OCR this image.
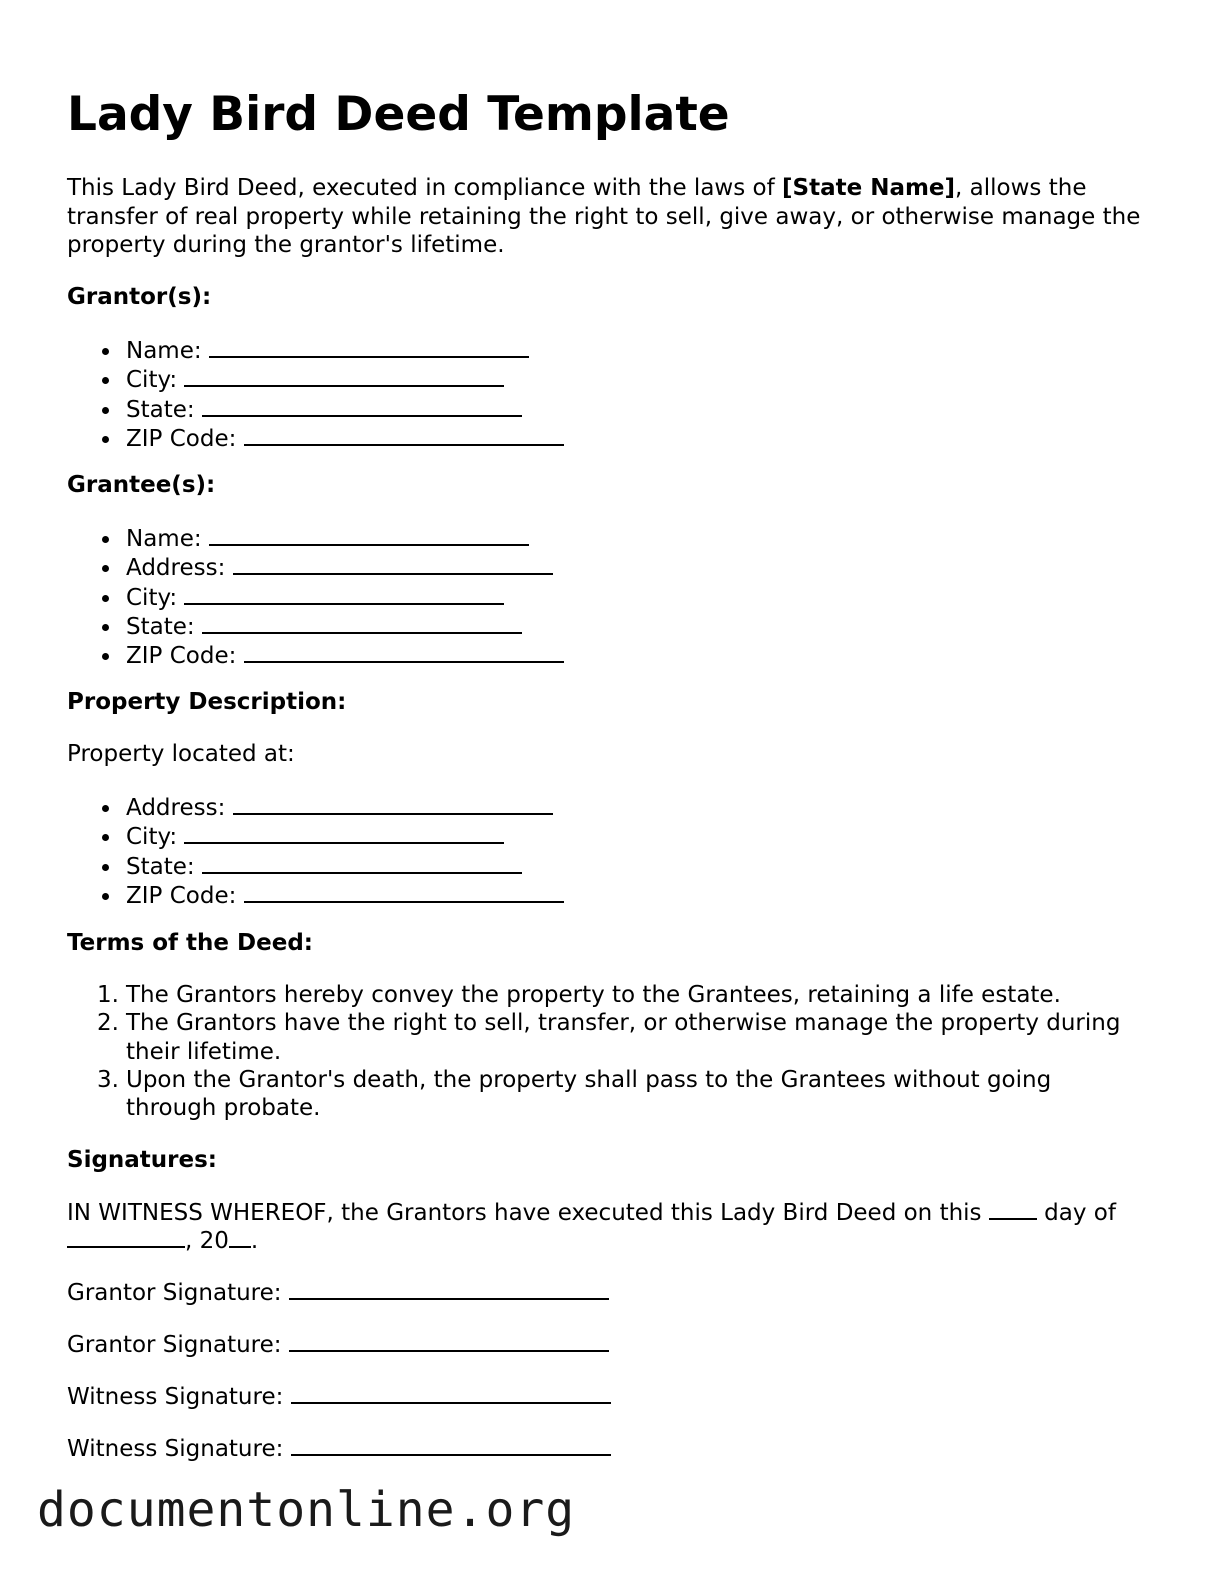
Lady Bird Deed Template

This Lady Bird Deed, executed in compliance with the laws of [State Name], allows the transfer of real property while retaining the right to sell, give away, or otherwise manage the property during the grantor's lifetime.

Grantor(s):

Name:
City:
State:
ZIP Code:

Grantee(s):

Name:
Address:
City:
State:
ZIP Code:

Property Description:

Property located at:

Address:
City:
State:
ZIP Code:

Terms of the Deed:

1. The Grantors hereby convey the property to the Grantees, retaining a life estate.
2. The Grantors have the right to sell, transfer, or otherwise manage the property during their lifetime.
3. Upon the Grantor's death, the property shall pass to the Grantees without going through probate.

Signatures:

IN WITNESS WHEREOF, the Grantors have executed this Lady Bird Deed on this  day of

, 20 .

Grantor Signature:
Grantor Signature:
Witness Signature:
Witness Signature:
documentonline.org
